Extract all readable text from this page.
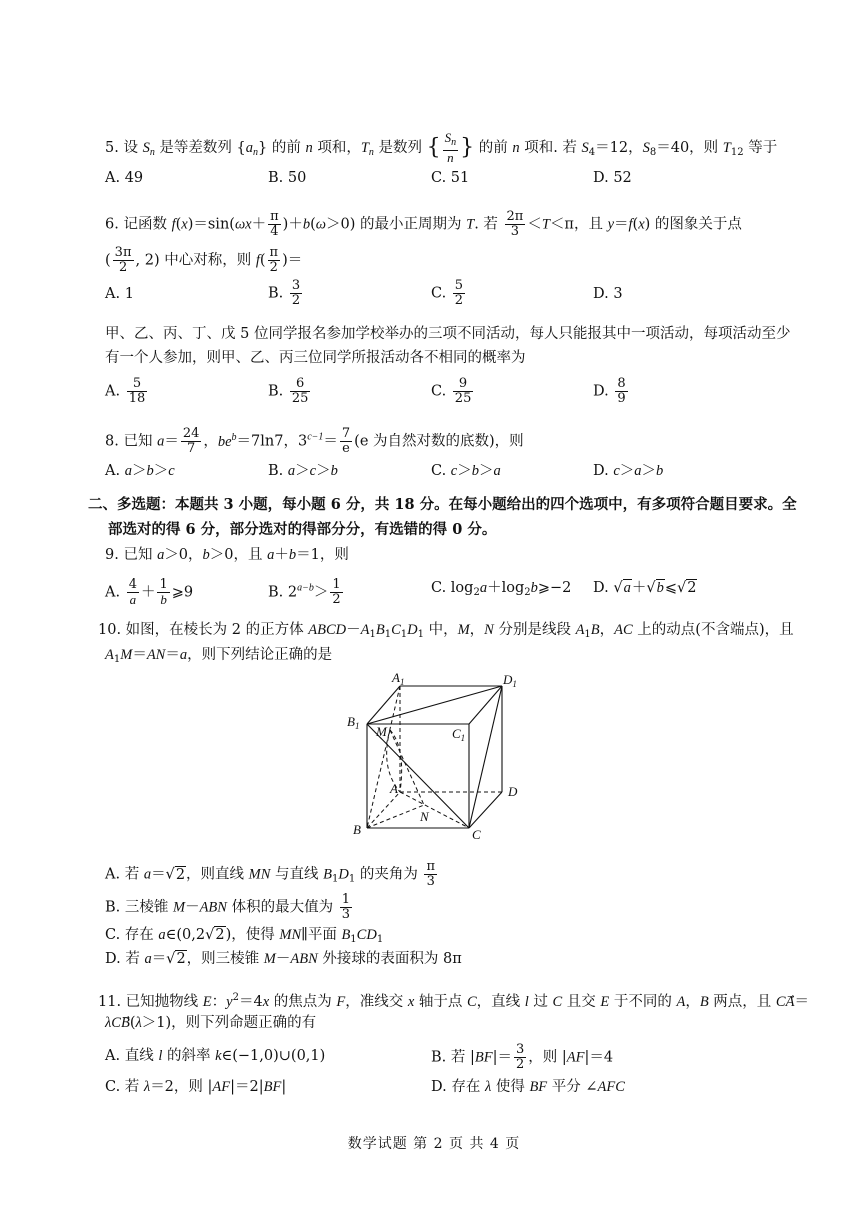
5. 设 $S_n$ 是等差数列 $\{a_n\}$ 的前 n 项和，$T_n$ 是数列 { $\frac{S_n}{n}$ } 的前 n 项和. 若 $S_4=12$，$S_8=40$，则 $T_{12}$ 等于
A. 49	B. 50	C. 51	D. 52
6. 记函数 $f(x)=\sin(\omega x+ \frac{\pi}{4} )+b(\omega>0)$ 的最小正周期为 T. 若 $\frac{2\pi}{3} <T<\pi$，且 y＝f(x) 的图象关于点
( $\frac{3\pi}{2}$ , 2) 中心对称，则 $f( \frac{\pi}{2}$ )＝
A. 1	B. $\frac{3}{2}$	C. $\frac{5}{2}$	D. 3
甲、乙、丙、丁、戊 5 位同学报名参加学校举办的三项不同活动，每人只能报其中一项活动，每项活动至少
有一个人参加，则甲、乙、丙三位同学所报活动各不相同的概率为
A. $\frac{5}{18}$	B. $\frac{6}{25}$	C. $\frac{9}{25}$	D. $\frac{8}{9}$
8. 已知 $a= \frac{24}{7}$ ，$be^b=7\ln 7$，$3^{c-1}= \frac{7}{e} (e$ 为自然对数的底数)，则
A. a＞b＞c	B. a＞c＞b	C. c＞b＞a	D. c＞a＞b
二、多选题：本题共 3 小题，每小题 6 分，共 18 分。在每小题给出的四个选项中，有多项符合题目要求。全
部选对的得 6 分，部分选对的得部分分，有选错的得 0 分。
9. 已知 a＞0，b＞0，且 a＋b＝1，则
A. $\frac{4}{a} + \frac{1}{b}$ ⩾9	B. $2^{a-b}> \frac{1}{2}$	C. $\log_2a+\log_2b⩾-2$ D. √a＋√b⩽√2
10. 如图，在棱长为 2 的正方体 $ABCD-A_1B_1C_1D_1$ 中，M，N 分别是线段 $A_1B$，AC 上的动点(不含端点)，且
$A_1M=AN=a$，则下列结论正确的是
$A_1$	$D_1$
$B_1$ M	$C_1$
A	D
B
N
C
A. 若 a＝√2，则直线 MN 与直线 $B_1D_1$ 的夹角为 $\frac{\pi}{3}$
B. 三棱锥 M－ABN 体积的最大值为 $\frac{1}{3}$
C. 存在 a∈(0,2√2)，使得 MN∥平面 $B_1CD_1$
D. 若 a＝√2，则三棱锥 M－ABN 外接球的表面积为 8π
11. 已知抛物线 E：$y^2=4x$ 的焦点为 F，准线交 x 轴于点 C，直线 l 过 C 且交 E 于不同的 A，B 两点，且 CA⃗＝
λCB⃗(λ＞1)，则下列命题正确的有
A. 直线 l 的斜率 k∈(−1,0)∪(0,1)	B. 若 $|BF|= \frac{3}{2}$ ，则 |AF|＝4
C. 若 λ＝2，则 |AF|＝2|BF|	D. 存在 λ 使得 BF 平分 ∠AFC
数学试题 第 2 页 共 4 页
